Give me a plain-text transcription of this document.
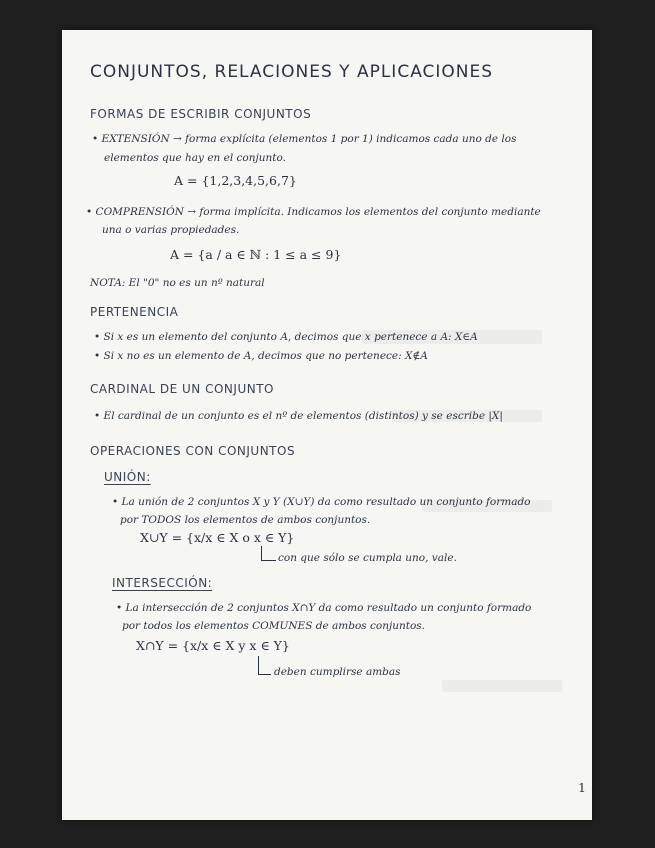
CONJUNTOS, RELACIONES Y APLICACIONES
FORMAS DE ESCRIBIR CONJUNTOS
• EXTENSIÓN → forma explícita (elementos 1 por 1) indicamos cada uno de los
elementos que hay en el conjunto.
A = {1,2,3,4,5,6,7}
• COMPRENSIÓN → forma implícita. Indicamos los elementos del conjunto mediante
una o varias propiedades.
A = {a / a ∈ ℕ : 1 ≤ a ≤ 9}
NOTA: El "0" no es un nº natural
PERTENENCIA
• Si x es un elemento del conjunto A, decimos que x pertenece a A: X∈A
• Si x no es un elemento de A, decimos que no pertenece: X∉A
CARDINAL DE UN CONJUNTO
• El cardinal de un conjunto es el nº de elementos (distintos) y se escribe |X|
OPERACIONES CON CONJUNTOS
UNIÓN:
• La unión de 2 conjuntos X y Y (X∪Y) da como resultado un conjunto formado
por TODOS los elementos de ambos conjuntos.
X∪Y = {x/x ∈ X o x ∈ Y}
con que sólo se cumpla uno, vale.
INTERSECCIÓN:
• La intersección de 2 conjuntos X∩Y da como resultado un conjunto formado
por todos los elementos COMUNES de ambos conjuntos.
X∩Y = {x/x ∈ X y x ∈ Y}
deben cumplirse ambas
1
